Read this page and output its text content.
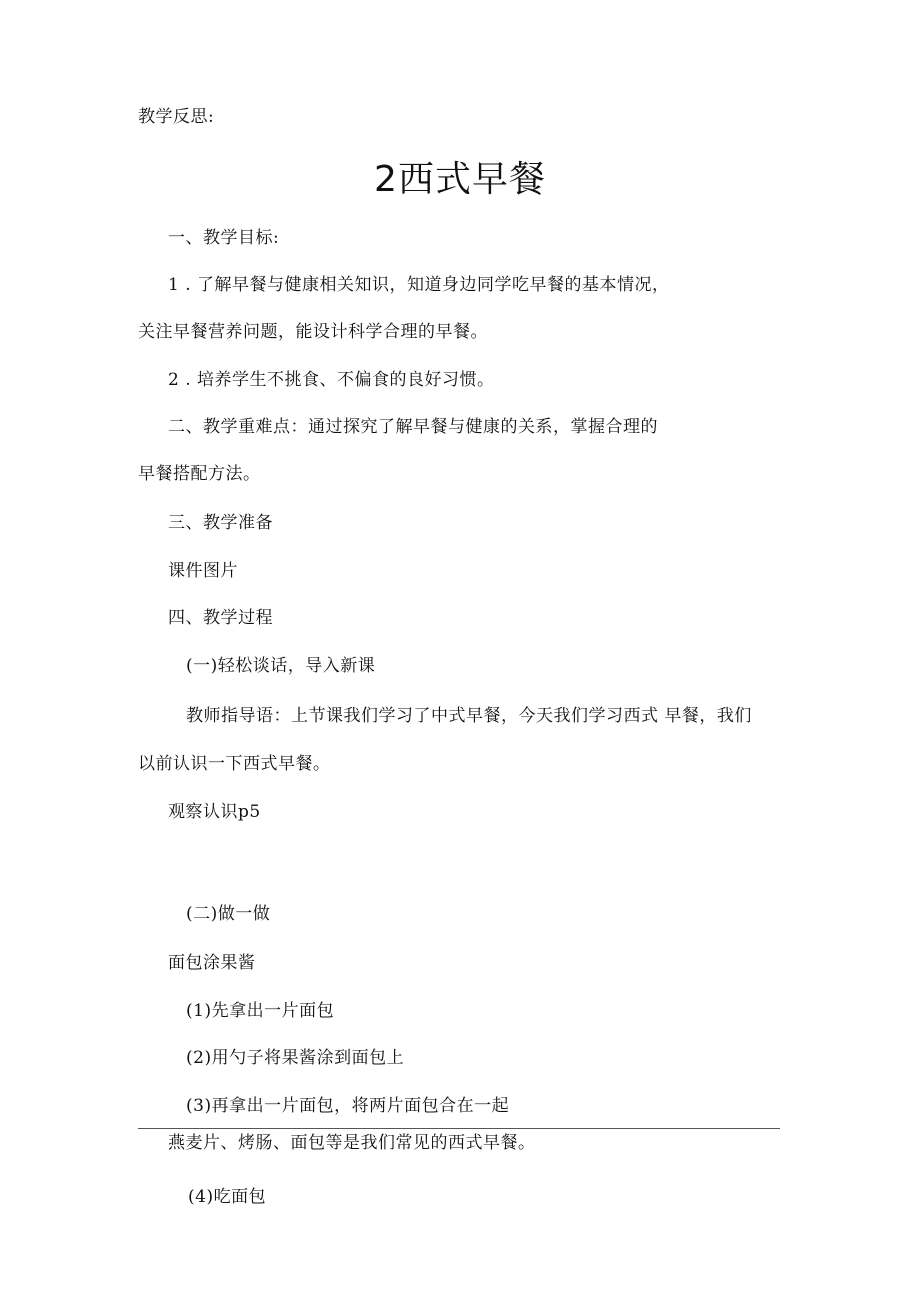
教学反思:
2西式早餐
一、教学目标:
1 . 了解早餐与健康相关知识，知道身边同学吃早餐的基本情况，
关注早餐营养问题，能设计科学合理的早餐。
2 . 培养学生不挑食、不偏食的良好习惯。
二、教学重难点：通过探究了解早餐与健康的关系，掌握合理的
早餐搭配方法。
三、教学准备
课件图片
四、教学过程
(一)轻松谈话，导入新课
教师指导语：上节课我们学习了中式早餐，今天我们学习西式 早餐，我们
以前认识一下西式早餐。
观察认识p5
(二)做一做
面包涂果酱
(1)先拿出一片面包
(2)用勺子将果酱涂到面包上
(3)再拿出一片面包，将两片面包合在一起
燕麦片、烤肠、面包等是我们常见的西式早餐。
(4)吃面包
